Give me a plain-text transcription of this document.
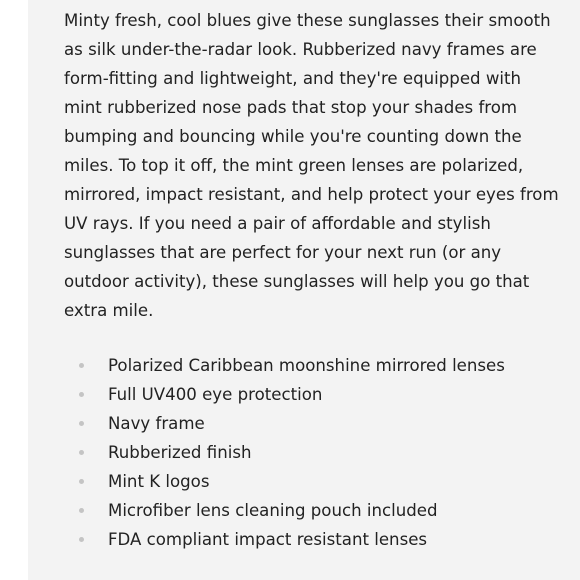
Minty fresh, cool blues give these sunglasses their smooth as silk under-the-radar look. Rubberized navy frames are form-fitting and lightweight, and they're equipped with mint rubberized nose pads that stop your shades from bumping and bouncing while you're counting down the miles. To top it off, the mint green lenses are polarized, mirrored, impact resistant, and help protect your eyes from UV rays. If you need a pair of affordable and stylish sunglasses that are perfect for your next run (or any outdoor activity), these sunglasses will help you go that extra mile.

Polarized Caribbean moonshine mirrored lenses
Full UV400 eye protection
Navy frame
Rubberized finish
Mint K logos
Microfiber lens cleaning pouch included
FDA compliant impact resistant lenses
